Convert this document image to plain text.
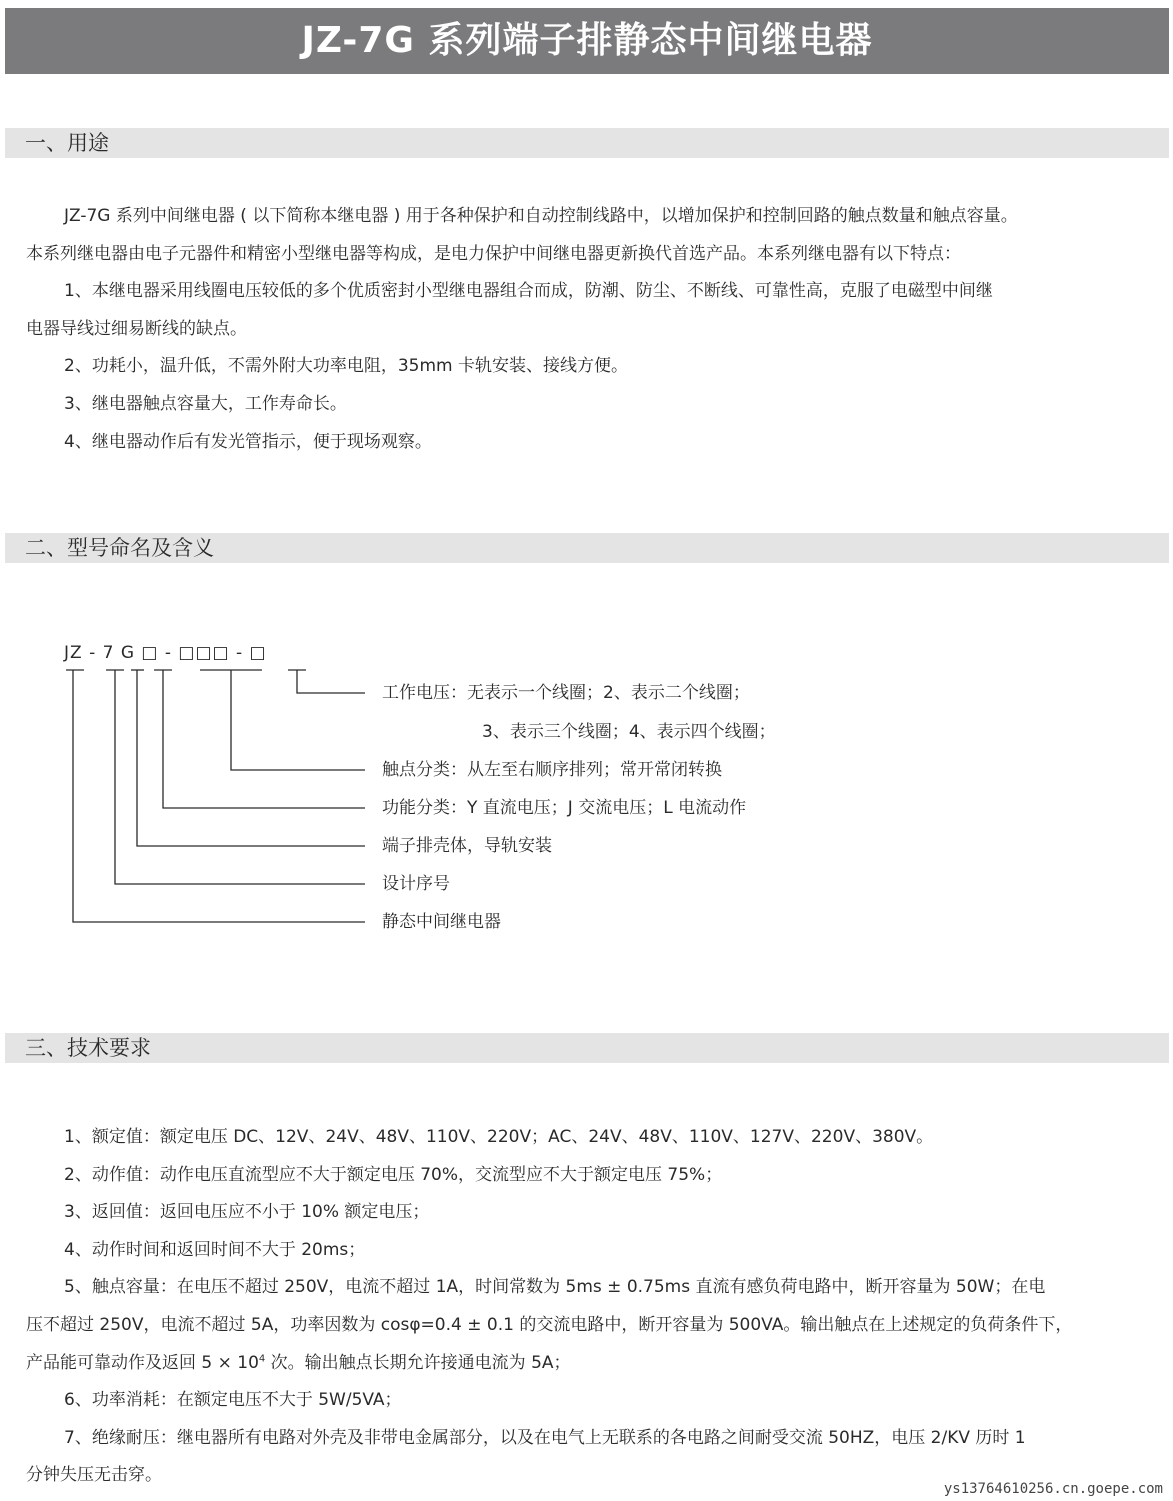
JZ-7G 系列端子排静态中间继电器
一、用途

JZ-7G 系列中间继电器 ( 以下简称本继电器 ) 用于各种保护和自动控制线路中，以增加保护和控制回路的触点数量和触点容量。

本系列继电器由电子元器件和精密小型继电器等构成，是电力保护中间继电器更新换代首选产品。本系列继电器有以下特点：

1、本继电器采用线圈电压较低的多个优质密封小型继电器组合而成，防潮、防尘、不断线、可靠性高，克服了电磁型中间继

电器导线过细易断线的缺点。

2、功耗小，温升低，不需外附大功率电阻，35mm 卡轨安装、接线方便。

3、继电器触点容量大，工作寿命长。

4、继电器动作后有发光管指示，便于现场观察。

二、型号命名及含义
JZ - 7 G □ - □□□ - □
工作电压：无表示一个线圈；2、表示二个线圈；
3、表示三个线圈；4、表示四个线圈；
触点分类：从左至右顺序排列；常开常闭转换
功能分类：Y 直流电压；J 交流电压；L 电流动作
端子排壳体，导轨安装
设计序号
静态中间继电器
三、技术要求

1、额定值：额定电压 DC、12V、24V、48V、110V、220V；AC、24V、48V、110V、127V、220V、380V。

2、动作值：动作电压直流型应不大于额定电压 70%，交流型应不大于额定电压 75%；

3、返回值：返回电压应不小于 10% 额定电压；

4、动作时间和返回时间不大于 20ms；

5、触点容量：在电压不超过 250V，电流不超过 1A，时间常数为 5ms ± 0.75ms 直流有感负荷电路中，断开容量为 50W；在电

压不超过 250V，电流不超过 5A，功率因数为 cosφ=0.4 ± 0.1 的交流电路中，断开容量为 500VA。输出触点在上述规定的负荷条件下，

产品能可靠动作及返回 $5 \times 10^4$ 次。输出触点长期允许接通电流为 5A；

6、功率消耗：在额定电压不大于 5W/5VA；

7、绝缘耐压：继电器所有电路对外壳及非带电金属部分，以及在电气上无联系的各电路之间耐受交流 50HZ，电压 2/KV 历时 1

分钟失压无击穿。

ys13764610256.cn.goepe.com
